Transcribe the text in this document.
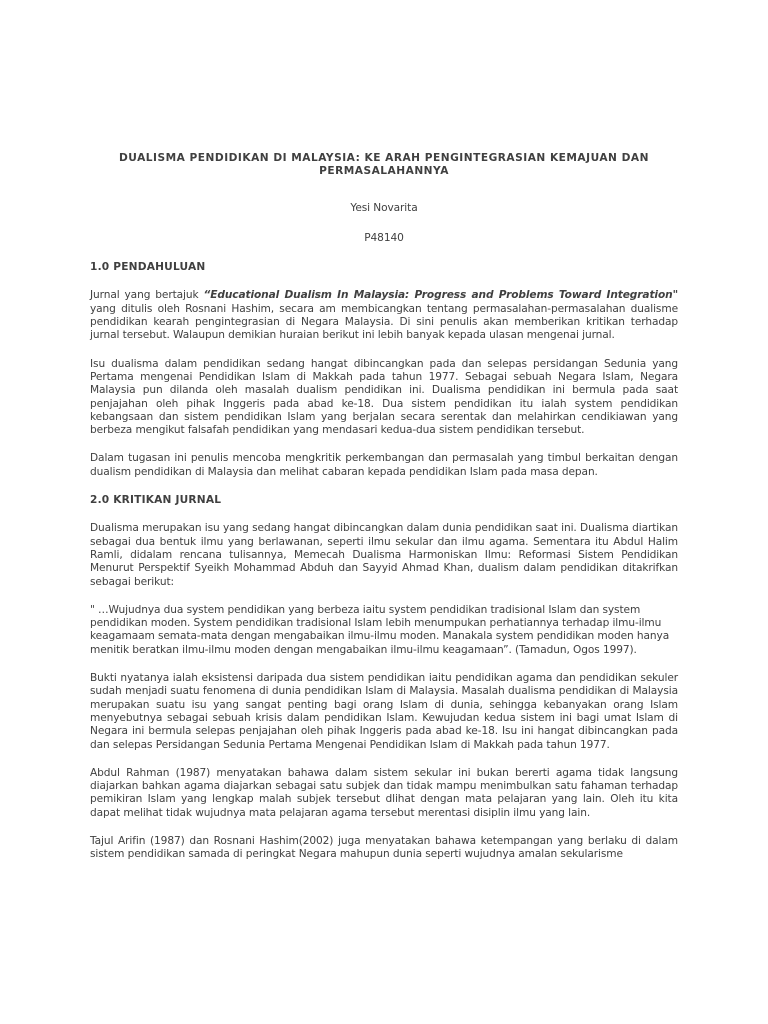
DUALISMA PENDIDIKAN DI MALAYSIA: KE ARAH PENGINTEGRASIAN KEMAJUAN DAN PERMASALAHANNYA
Yesi Novarita
P48140
1.0 PENDAHULUAN

Jurnal yang bertajuk “Educational Dualism In Malaysia: Progress and Problems Toward Integration" yang ditulis oleh Rosnani Hashim, secara am membicangkan tentang permasalahan-permasalahan dualisme pendidikan kearah pengintegrasian di Negara Malaysia. Di sini penulis akan memberikan kritikan terhadap jurnal tersebut. Walaupun demikian huraian berikut ini lebih banyak kepada ulasan mengenai jurnal.

Isu dualisma dalam pendidikan sedang hangat dibincangkan pada dan selepas persidangan Sedunia yang Pertama mengenai Pendidikan Islam di Makkah pada tahun 1977. Sebagai sebuah Negara Islam, Negara Malaysia pun dilanda oleh masalah dualism pendidikan ini. Dualisma pendidikan ini bermula pada saat penjajahan oleh pihak Inggeris pada abad ke-18. Dua sistem pendidikan itu ialah system pendidikan kebangsaan dan sistem pendidikan Islam yang berjalan secara serentak dan melahirkan cendikiawan yang berbeza mengikut falsafah pendidikan yang mendasari kedua-dua sistem pendidikan tersebut.

Dalam tugasan ini penulis mencoba mengkritik perkembangan dan permasalah yang timbul berkaitan dengan dualism pendidikan di Malaysia dan melihat cabaran kepada pendidikan Islam pada masa depan.

2.0 KRITIKAN JURNAL

Dualisma merupakan isu yang sedang hangat dibincangkan dalam dunia pendidikan saat ini. Dualisma diartikan sebagai dua bentuk ilmu yang berlawanan, seperti ilmu sekular dan ilmu agama. Sementara itu Abdul Halim Ramli, didalam rencana tulisannya, Memecah Dualisma Harmoniskan Ilmu: Reformasi Sistem Pendidikan Menurut Perspektif Syeikh Mohammad Abduh dan Sayyid Ahmad Khan, dualism dalam pendidikan ditakrifkan sebagai berikut:

" …Wujudnya dua system pendidikan yang berbeza iaitu system pendidikan tradisional Islam dan system pendidikan moden. System pendidikan tradisional Islam lebih menumpukan perhatiannya terhadap ilmu-ilmu keagamaam semata-mata dengan mengabaikan ilmu-ilmu moden. Manakala system pendidikan moden hanya menitik beratkan ilmu-ilmu moden dengan mengabaikan ilmu-ilmu keagamaan”. (Tamadun, Ogos 1997).

Bukti nyatanya ialah eksistensi daripada dua sistem pendidikan iaitu pendidikan agama dan pendidikan sekuler sudah menjadi suatu fenomena di dunia pendidikan Islam di Malaysia. Masalah dualisma pendidikan di Malaysia merupakan suatu isu yang sangat penting bagi orang Islam di dunia, sehingga kebanyakan orang Islam menyebutnya sebagai sebuah krisis dalam pendidikan Islam. Kewujudan kedua sistem ini bagi umat Islam di Negara ini bermula selepas penjajahan oleh pihak Inggeris pada abad ke-18. Isu ini hangat dibincangkan pada dan selepas Persidangan Sedunia Pertama Mengenai Pendidikan Islam di Makkah pada tahun 1977.

Abdul Rahman (1987) menyatakan bahawa dalam sistem sekular ini bukan bererti agama tidak langsung diajarkan bahkan agama diajarkan sebagai satu subjek dan tidak mampu menimbulkan satu fahaman terhadap pemikiran Islam yang lengkap malah subjek tersebut dlihat dengan mata pelajaran yang lain. Oleh itu kita dapat melihat tidak wujudnya mata pelajaran agama tersebut merentasi disiplin ilmu yang lain.

Tajul Arifin (1987) dan Rosnani Hashim(2002) juga menyatakan bahawa ketempangan yang berlaku di dalam sistem pendidikan samada di peringkat Negara mahupun dunia seperti wujudnya amalan sekularisme
